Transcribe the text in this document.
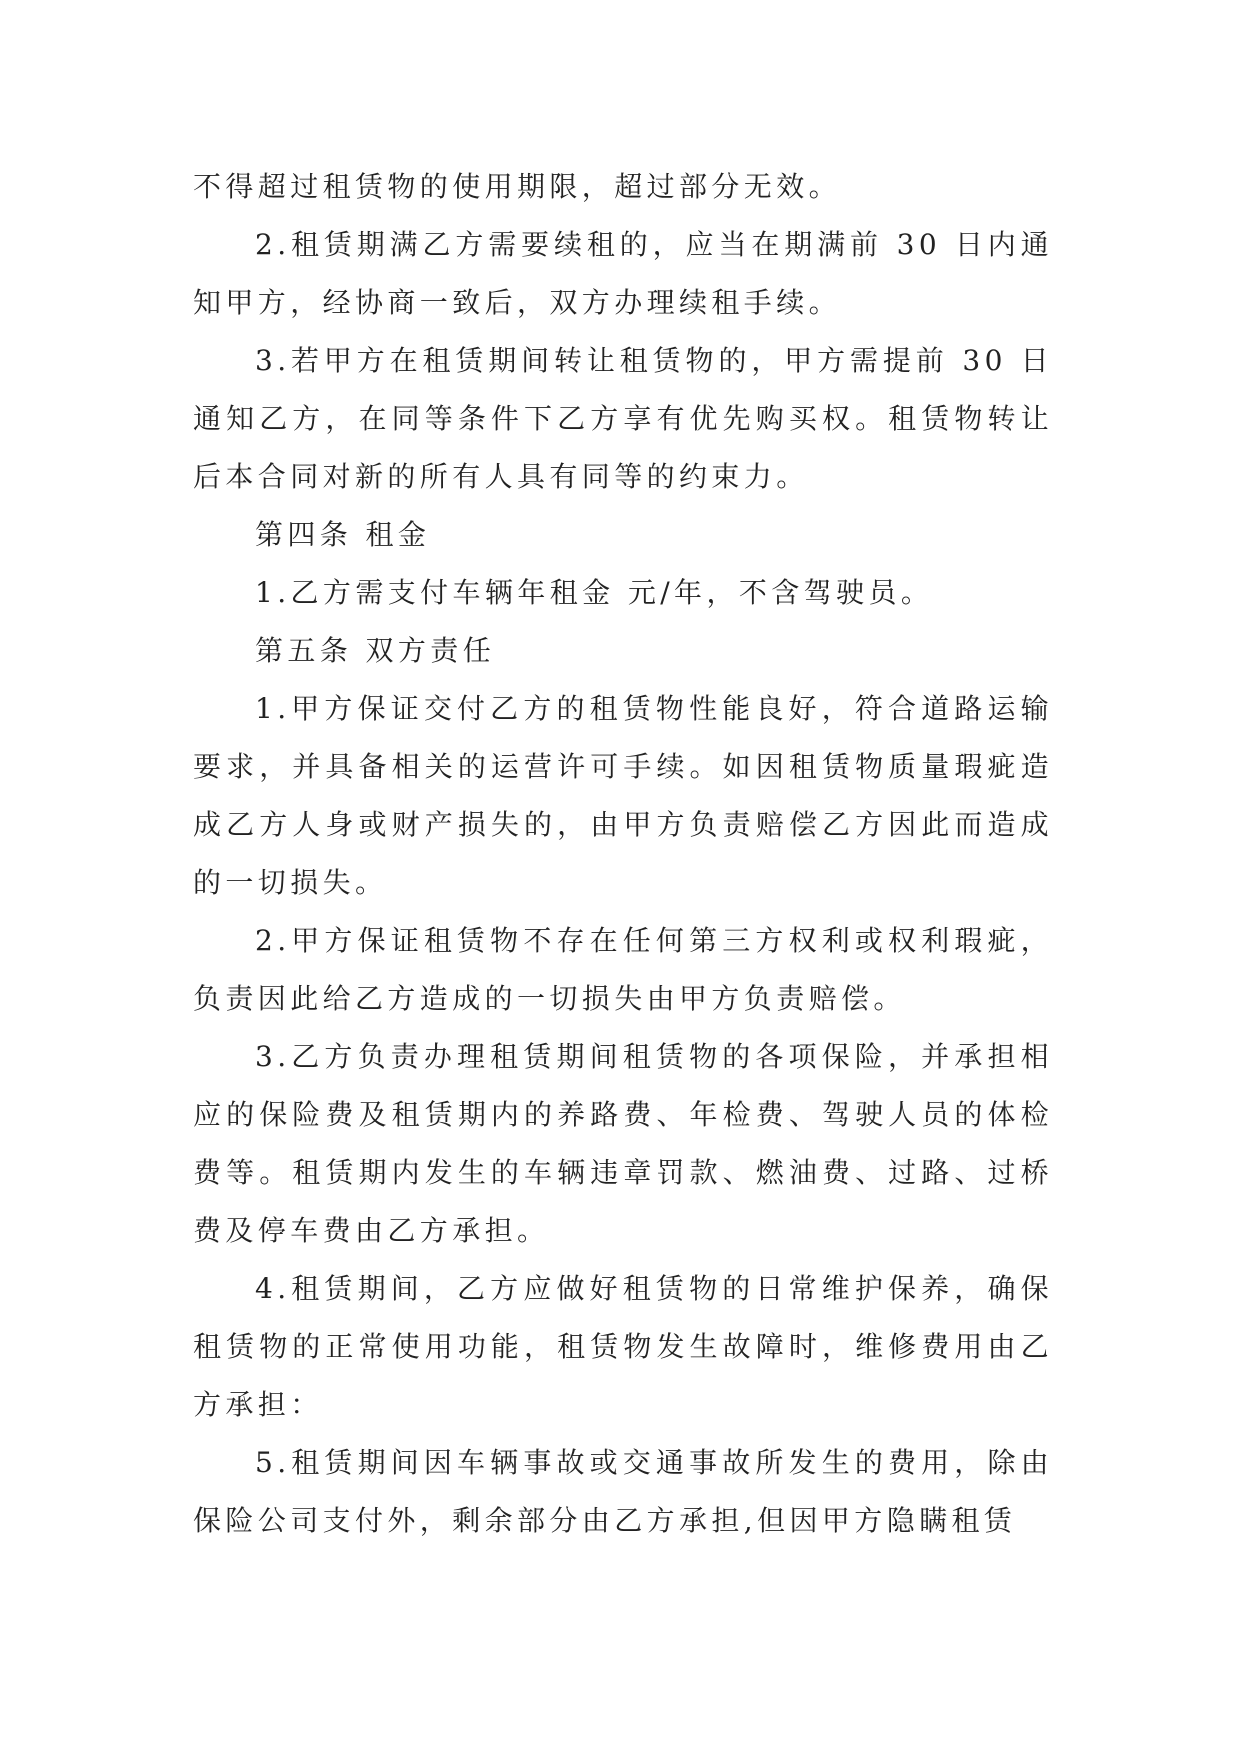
不得超过租赁物的使用期限，超过部分无效。

2.租赁期满乙方需要续租的，应当在期满前 30 日内通知甲方，经协商一致后，双方办理续租手续。

3.若甲方在租赁期间转让租赁物的，甲方需提前 30 日通知乙方，在同等条件下乙方享有优先购买权。租赁物转让后本合同对新的所有人具有同等的约束力。

第四条 租金

1.乙方需支付车辆年租金 元/年，不含驾驶员。

第五条 双方责任

1.甲方保证交付乙方的租赁物性能良好，符合道路运输要求，并具备相关的运营许可手续。如因租赁物质量瑕疵造成乙方人身或财产损失的，由甲方负责赔偿乙方因此而造成的一切损失。

2.甲方保证租赁物不存在任何第三方权利或权利瑕疵，负责因此给乙方造成的一切损失由甲方负责赔偿。

3.乙方负责办理租赁期间租赁物的各项保险，并承担相应的保险费及租赁期内的养路费、年检费、驾驶人员的体检费等。租赁期内发生的车辆违章罚款、燃油费、过路、过桥费及停车费由乙方承担。

4.租赁期间，乙方应做好租赁物的日常维护保养，确保租赁物的正常使用功能，租赁物发生故障时，维修费用由乙方承担：

5.租赁期间因车辆事故或交通事故所发生的费用，除由保险公司支付外，剩余部分由乙方承担,但因甲方隐瞒租赁
